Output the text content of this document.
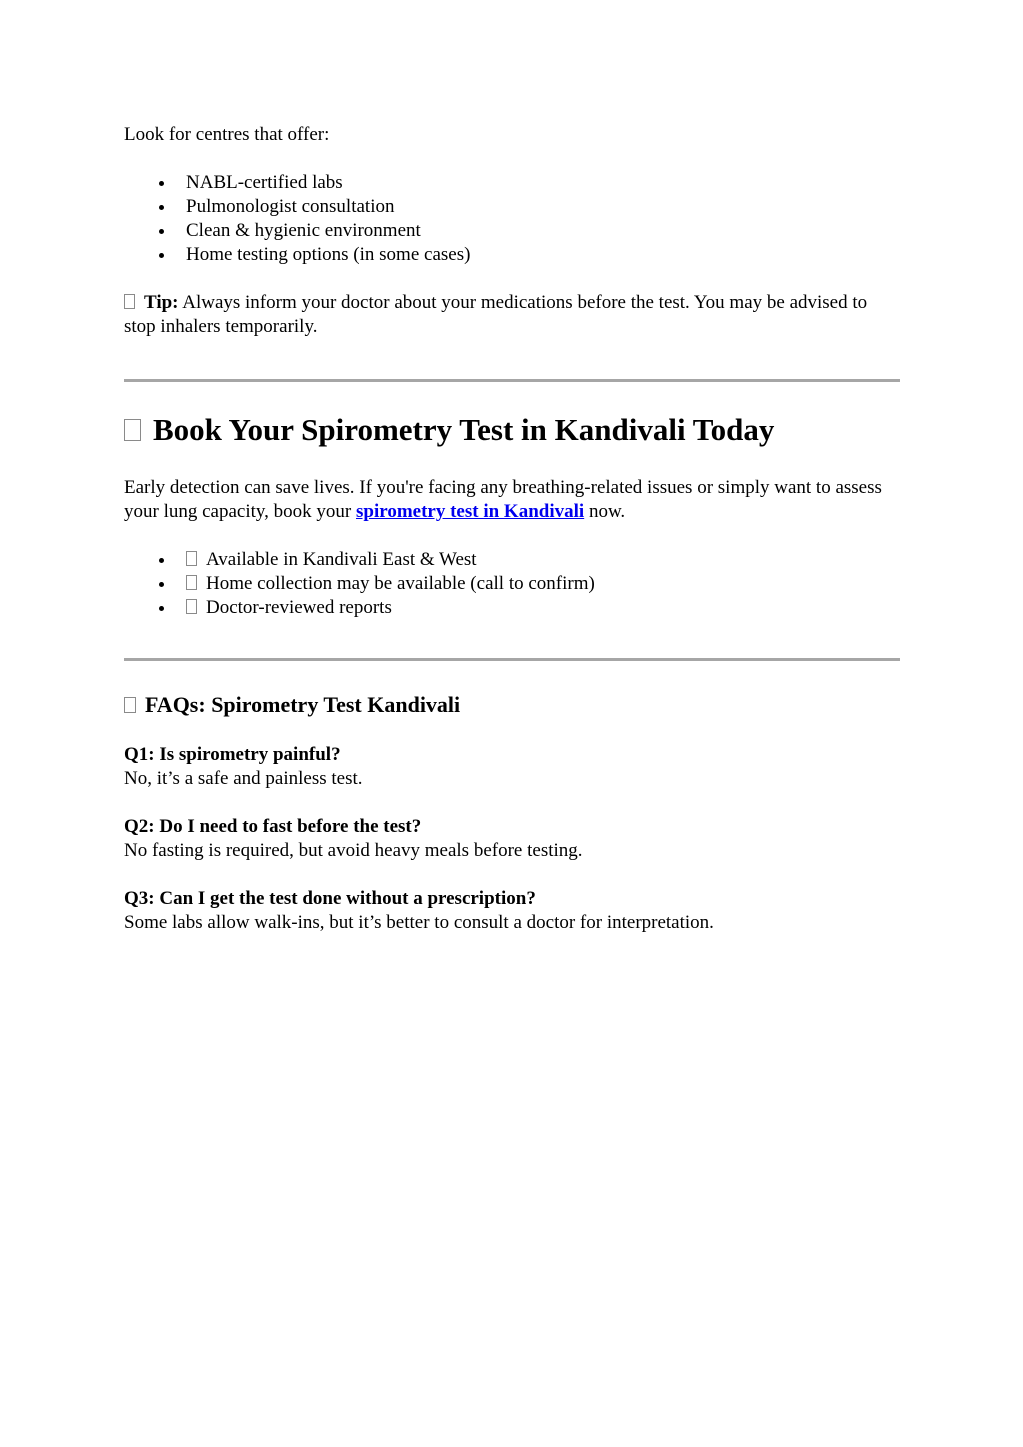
Look for centres that offer:

NABL-certified labs
Pulmonologist consultation
Clean & hygienic environment
Home testing options (in some cases)

Tip: Always inform your doctor about your medications before the test. You may be advised to stop inhalers temporarily.

Book Your Spirometry Test in Kandivali Today

Early detection can save lives. If you're facing any breathing-related issues or simply want to assess your lung capacity, book your spirometry test in Kandivali now.

Available in Kandivali East & West
Home collection may be available (call to confirm)
Doctor-reviewed reports
FAQs: Spirometry Test Kandivali
Q1: Is spirometry painful?
No, it’s a safe and painless test.
Q2: Do I need to fast before the test?
No fasting is required, but avoid heavy meals before testing.
Q3: Can I get the test done without a prescription?
Some labs allow walk-ins, but it’s better to consult a doctor for interpretation.
